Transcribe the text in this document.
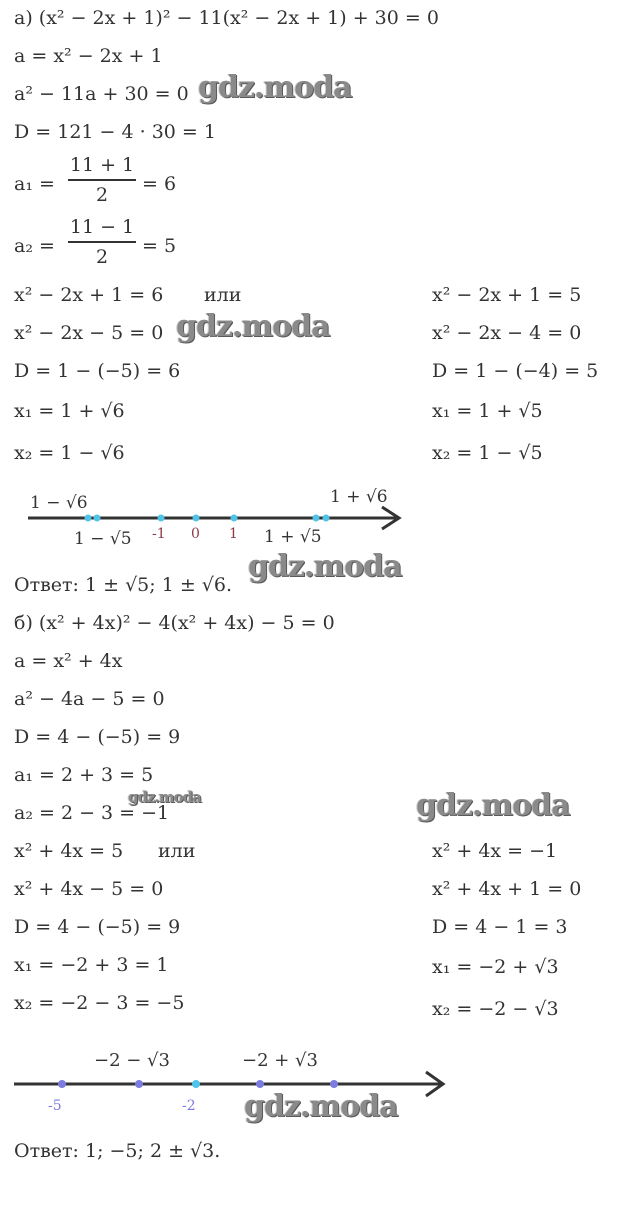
а) (x² − 2x + 1)² − 11(x² − 2x + 1) + 30 = 0
a = x² − 2x + 1
a² − 11a + 30 = 0
D = 121 − 4 · 30 = 1
a₁ =
11 + 1
2	= 6
a₂ =
11 − 1
2	= 5
x² − 2x + 1 = 6 или
x² − 2x − 5 = 0
D = 1 − (−5) = 6
x₁ = 1 + √6
x₂ = 1 − √6
x² − 2x + 1 = 5
x² − 2x − 4 = 0
D = 1 − (−4) = 5
x₁ = 1 + √5
x₂ = 1 − √5
1 − √6	1 + √6
1 − √5 -1 0 1 1 + √5
Ответ: 1 ± √5; 1 ± √6.
б) (x² + 4x)² − 4(x² + 4x) − 5 = 0
a = x² + 4x
a² − 4a − 5 = 0
D = 4 − (−5) = 9
a₁ = 2 + 3 = 5
a₂ = 2 − 3 = −1
x² + 4x = 5 или
x² + 4x − 5 = 0
D = 4 − (−5) = 9
x₁ = −2 + 3 = 1
x₂ = −2 − 3 = −5
x² + 4x = −1
x² + 4x + 1 = 0
D = 4 − 1 = 3
x₁ = −2 + √3
x₂ = −2 − √3
−2 − √3	−2 + √3
-5	-2
Ответ: 1; −5; 2 ± √3.
gdz.moda
gdz.moda
gdz.moda
gdz.moda	gdz.moda
gdz.moda
